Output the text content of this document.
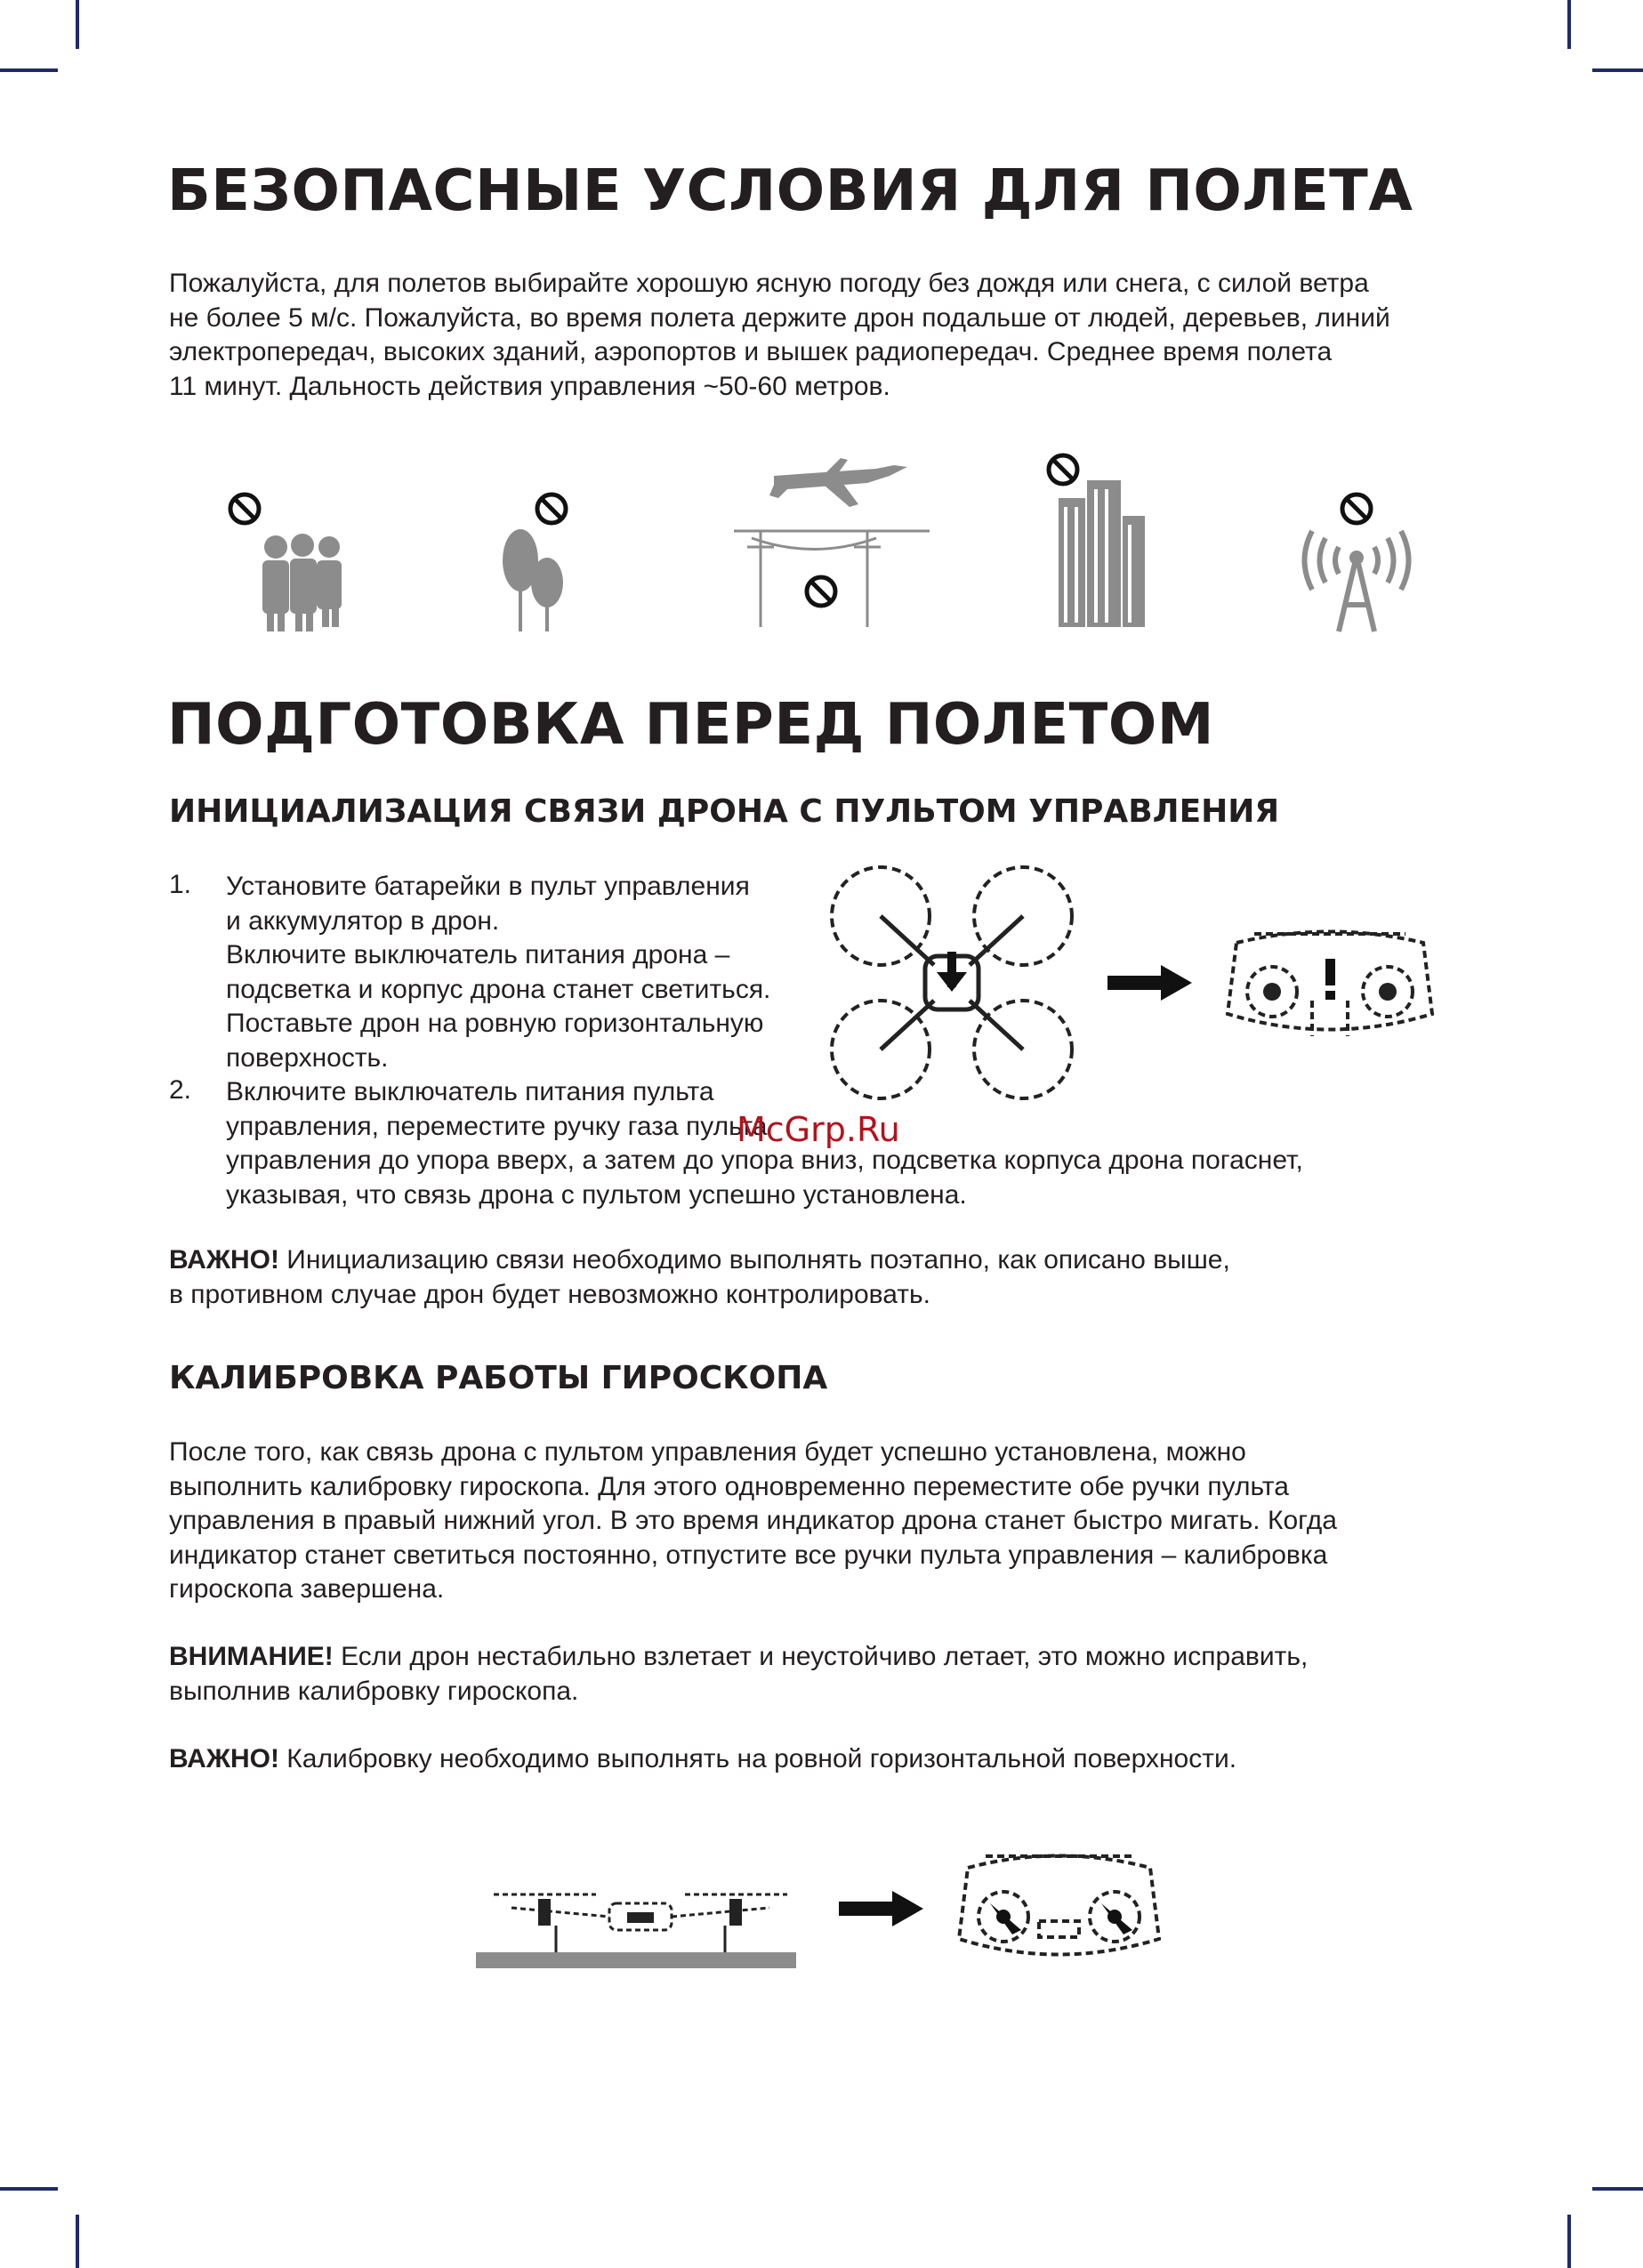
БЕЗОПАСНЫЕ УСЛОВИЯ ДЛЯ ПОЛЕТА
Пожалуйста, для полетов выбирайте хорошую ясную погоду без дождя или снега, с силой ветра
не более 5 м/с. Пожалуйста, во время полета держите дрон подальше от людей, деревьев, линий
электропередач, высоких зданий, аэропортов и вышек радиопередач. Среднее время полета
11 минут. Дальность действия управления ~50-60 метров.
ПОДГОТОВКА ПЕРЕД ПОЛЕТОМ
ИНИЦИАЛИЗАЦИЯ СВЯЗИ ДРОНА С ПУЛЬТОМ УПРАВЛЕНИЯ
1. Установите батарейки в пульт управления
и аккумулятор в дрон.
Включите выключатель питания дрона –
подсветка и корпус дрона станет светиться.
Поставьте дрон на ровную горизонтальную
поверхность.
2. Включите выключатель питания пульта
управления, переместите ручку газа пульта
управления до упора вверх, а затем до упора вниз, подсветка корпуса дрона погаснет,
указывая, что связь дрона с пультом успешно установлена.
McGrp.Ru
ВАЖНО! Инициализацию связи необходимо выполнять поэтапно, как описано выше,
в противном случае дрон будет невозможно контролировать.
КАЛИБРОВКА РАБОТЫ ГИРОСКОПА
После того, как связь дрона с пультом управления будет успешно установлена, можно
выполнить калибровку гироскопа. Для этого одновременно переместите обе ручки пульта
управления в правый нижний угол. В это время индикатор дрона станет быстро мигать. Когда
индикатор станет светиться постоянно, отпустите все ручки пульта управления – калибровка
гироскопа завершена.
ВНИМАНИЕ! Если дрон нестабильно взлетает и неустойчиво летает, это можно исправить,
выполнив калибровку гироскопа.
ВАЖНО! Калибровку необходимо выполнять на ровной горизонтальной поверхности.
